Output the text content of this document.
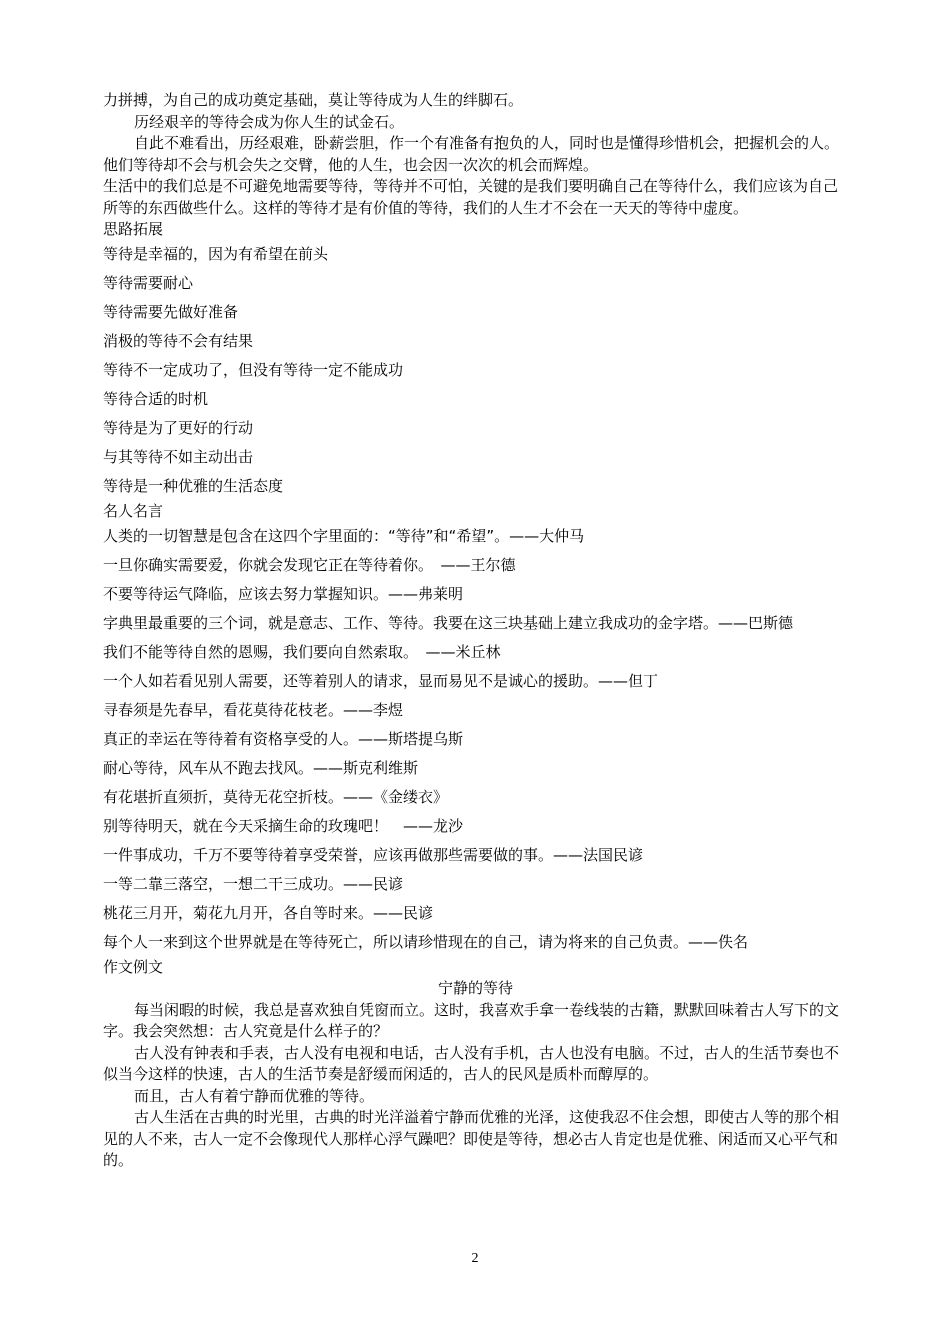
力拼搏，为自己的成功奠定基础，莫让等待成为人生的绊脚石。

历经艰辛的等待会成为你人生的试金石。

自此不难看出，历经艰难，卧薪尝胆，作一个有准备有抱负的人，同时也是懂得珍惜机会，把握机会的人。他们等待却不会与机会失之交臂，他的人生，也会因一次次的机会而辉煌。

生活中的我们总是不可避免地需要等待，等待并不可怕，关键的是我们要明确自己在等待什么，我们应该为自己所等的东西做些什么。这样的等待才是有价值的等待，我们的人生才不会在一天天的等待中虚度。

思路拓展

等待是幸福的，因为有希望在前头

等待需要耐心

等待需要先做好准备

消极的等待不会有结果

等待不一定成功了，但没有等待一定不能成功

等待合适的时机

等待是为了更好的行动

与其等待不如主动出击

等待是一种优雅的生活态度

名人名言

人类的一切智慧是包含在这四个字里面的：“等待”和“希望”。——大仲马

一旦你确实需要爱，你就会发现它正在等待着你。　——王尔德

不要等待运气降临，应该去努力掌握知识。——弗莱明

字典里最重要的三个词，就是意志、工作、等待。我要在这三块基础上建立我成功的金字塔。——巴斯德

我们不能等待自然的恩赐，我们要向自然索取。　——米丘林

一个人如若看见别人需要，还等着别人的请求，显而易见不是诚心的援助。——但丁

寻春须是先春早，看花莫待花枝老。——李煜

真正的幸运在等待着有资格享受的人。——斯塔提乌斯

耐心等待，风车从不跑去找风。——斯克利维斯

有花堪折直须折，莫待无花空折枝。——《金缕衣》

别等待明天，就在今天采摘生命的玫瑰吧！　——龙沙

一件事成功，千万不要等待着享受荣誉，应该再做那些需要做的事。——法国民谚

一等二靠三落空，一想二干三成功。——民谚

桃花三月开，菊花九月开，各自等时来。——民谚

每个人一来到这个世界就是在等待死亡，所以请珍惜现在的自己，请为将来的自己负责。——佚名

作文例文

宁静的等待

每当闲暇的时候，我总是喜欢独自凭窗而立。这时，我喜欢手拿一卷线装的古籍，默默回味着古人写下的文字。我会突然想：古人究竟是什么样子的？

古人没有钟表和手表，古人没有电视和电话，古人没有手机，古人也没有电脑。不过，古人的生活节奏也不似当今这样的快速，古人的生活节奏是舒缓而闲适的，古人的民风是质朴而醇厚的。

而且，古人有着宁静而优雅的等待。

古人生活在古典的时光里，古典的时光洋溢着宁静而优雅的光泽，这使我忍不住会想，即使古人等的那个相见的人不来，古人一定不会像现代人那样心浮气躁吧？即使是等待，想必古人肯定也是优雅、闲适而又心平气和的。

2
